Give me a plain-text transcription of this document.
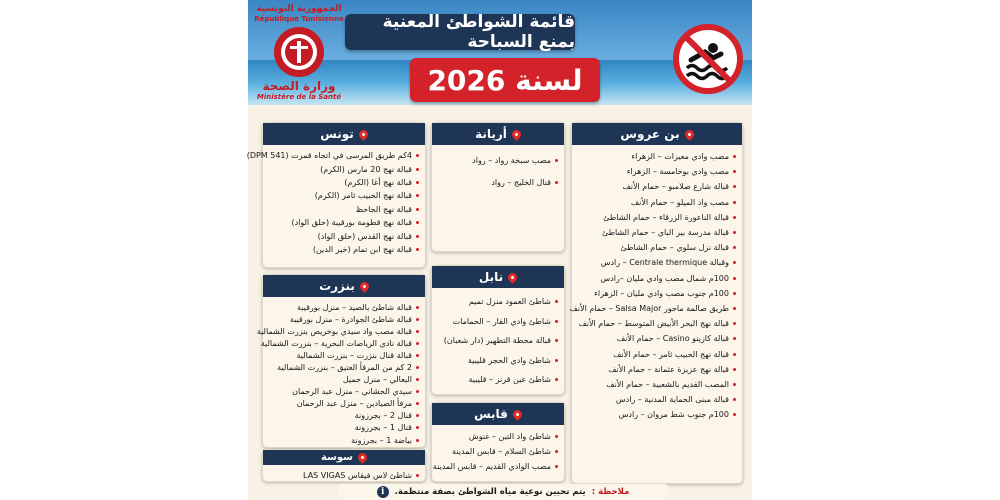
الجمهورية التونسية
République Tunisienne
وزارة الصحة
Ministère de la Santé
قائمة الشواطئ المعنية بمنع السباحة
لسنة 2026
بن عروس
مصب وادي معيزات – الزهراء
مصب وادي بوخامسة – الزهراء
قبالة شارع صلامبو – حمام الأنف
مصب واد الميلو – حمام الأنف
قبالة الناعورة الزرقاء – حمام الشاطئ
قبالة مدرسة بير الباي – حمام الشاطئ
قبالة نزل سلوي – حمام الشاطئ
وقبالة Centrale thermique – رادس
100م شمال مصب وادي مليان –رادس
100م جنوب مصب وادي مليان – الزهراء
طريق صالمة ماجور Salsa Major – حمام الأنف
قبالة نهج البحر الأبيض المتوسط – حمام الأنف
قبالة كازينو Casino – حمام الأنف
قبالة نهج الحبيب ثامر – حمام الأنف
قبالة نهج عزيزة عثمانة – حمام الأنف
المصب القديم بالشعبية – حمام الأنف
قبالة مبنى الحماية المدنية – رادس
100م جنوب شط مروان – رادس
أريانة
مصب سبخة رواد – رواد
قنال الخليج – رواد
تونس
4كم طريق المرسى في اتجاه قمرت (DPM 541)
قبالة نهج 20 مارس (الكرم)
قبالة نهج أغا (الكرم)
قبالة نهج الحبيب ثامر (الكرم)
قبالة نهج الجاحظ
قبالة نهج قطومة بورقيبة (حلق الواد)
قبالة نهج القدس (حلق الواد)
قبالة نهج ابن تمام (خير الدين)
نابل
شاطئ العمود منزل تميم
شاطئ وادي الفار – الحمامات
قبالة محطة التطهير (دار شعبان)
شاطئ وادي الحجر قليبية
شاطئ عين قرنز – قليبية
بنزرت
قبالة شاطئ بالصيد – منزل بورقيبة
قبالة شاطئ الجوادرة – منزل بورقيبة
قبالة مصب واد سيدي بوخريص بنزرت الشمالية
قبالة نادي الرياضات البحرية – بنزرت الشمالية
قبالة قنال بنزرت – بنزرت الشمالية
2 كم من المرفأ العتيق – بنزرت الشمالية
البعالي – منزل جميل
سيدي الحشاني – منزل عبد الرحمان
مرفأ الصيادين – منزل عبد الرحمان
قنال 2 – بجرزونة
قنال 1 – بجرزونة
بياضة 1 – بجرزونة
قابس
شاطئ واد التين – غنوش
شاطئ السلام – قابس المدينة
مصب الوادي القديم – قابس المدينة
سوسة
شاطئ لاس فيقاس LAS VIGAS
ملاحظة :
يتم تحيين نوعية مياه الشواطئ بصفة منتظمة.
i
